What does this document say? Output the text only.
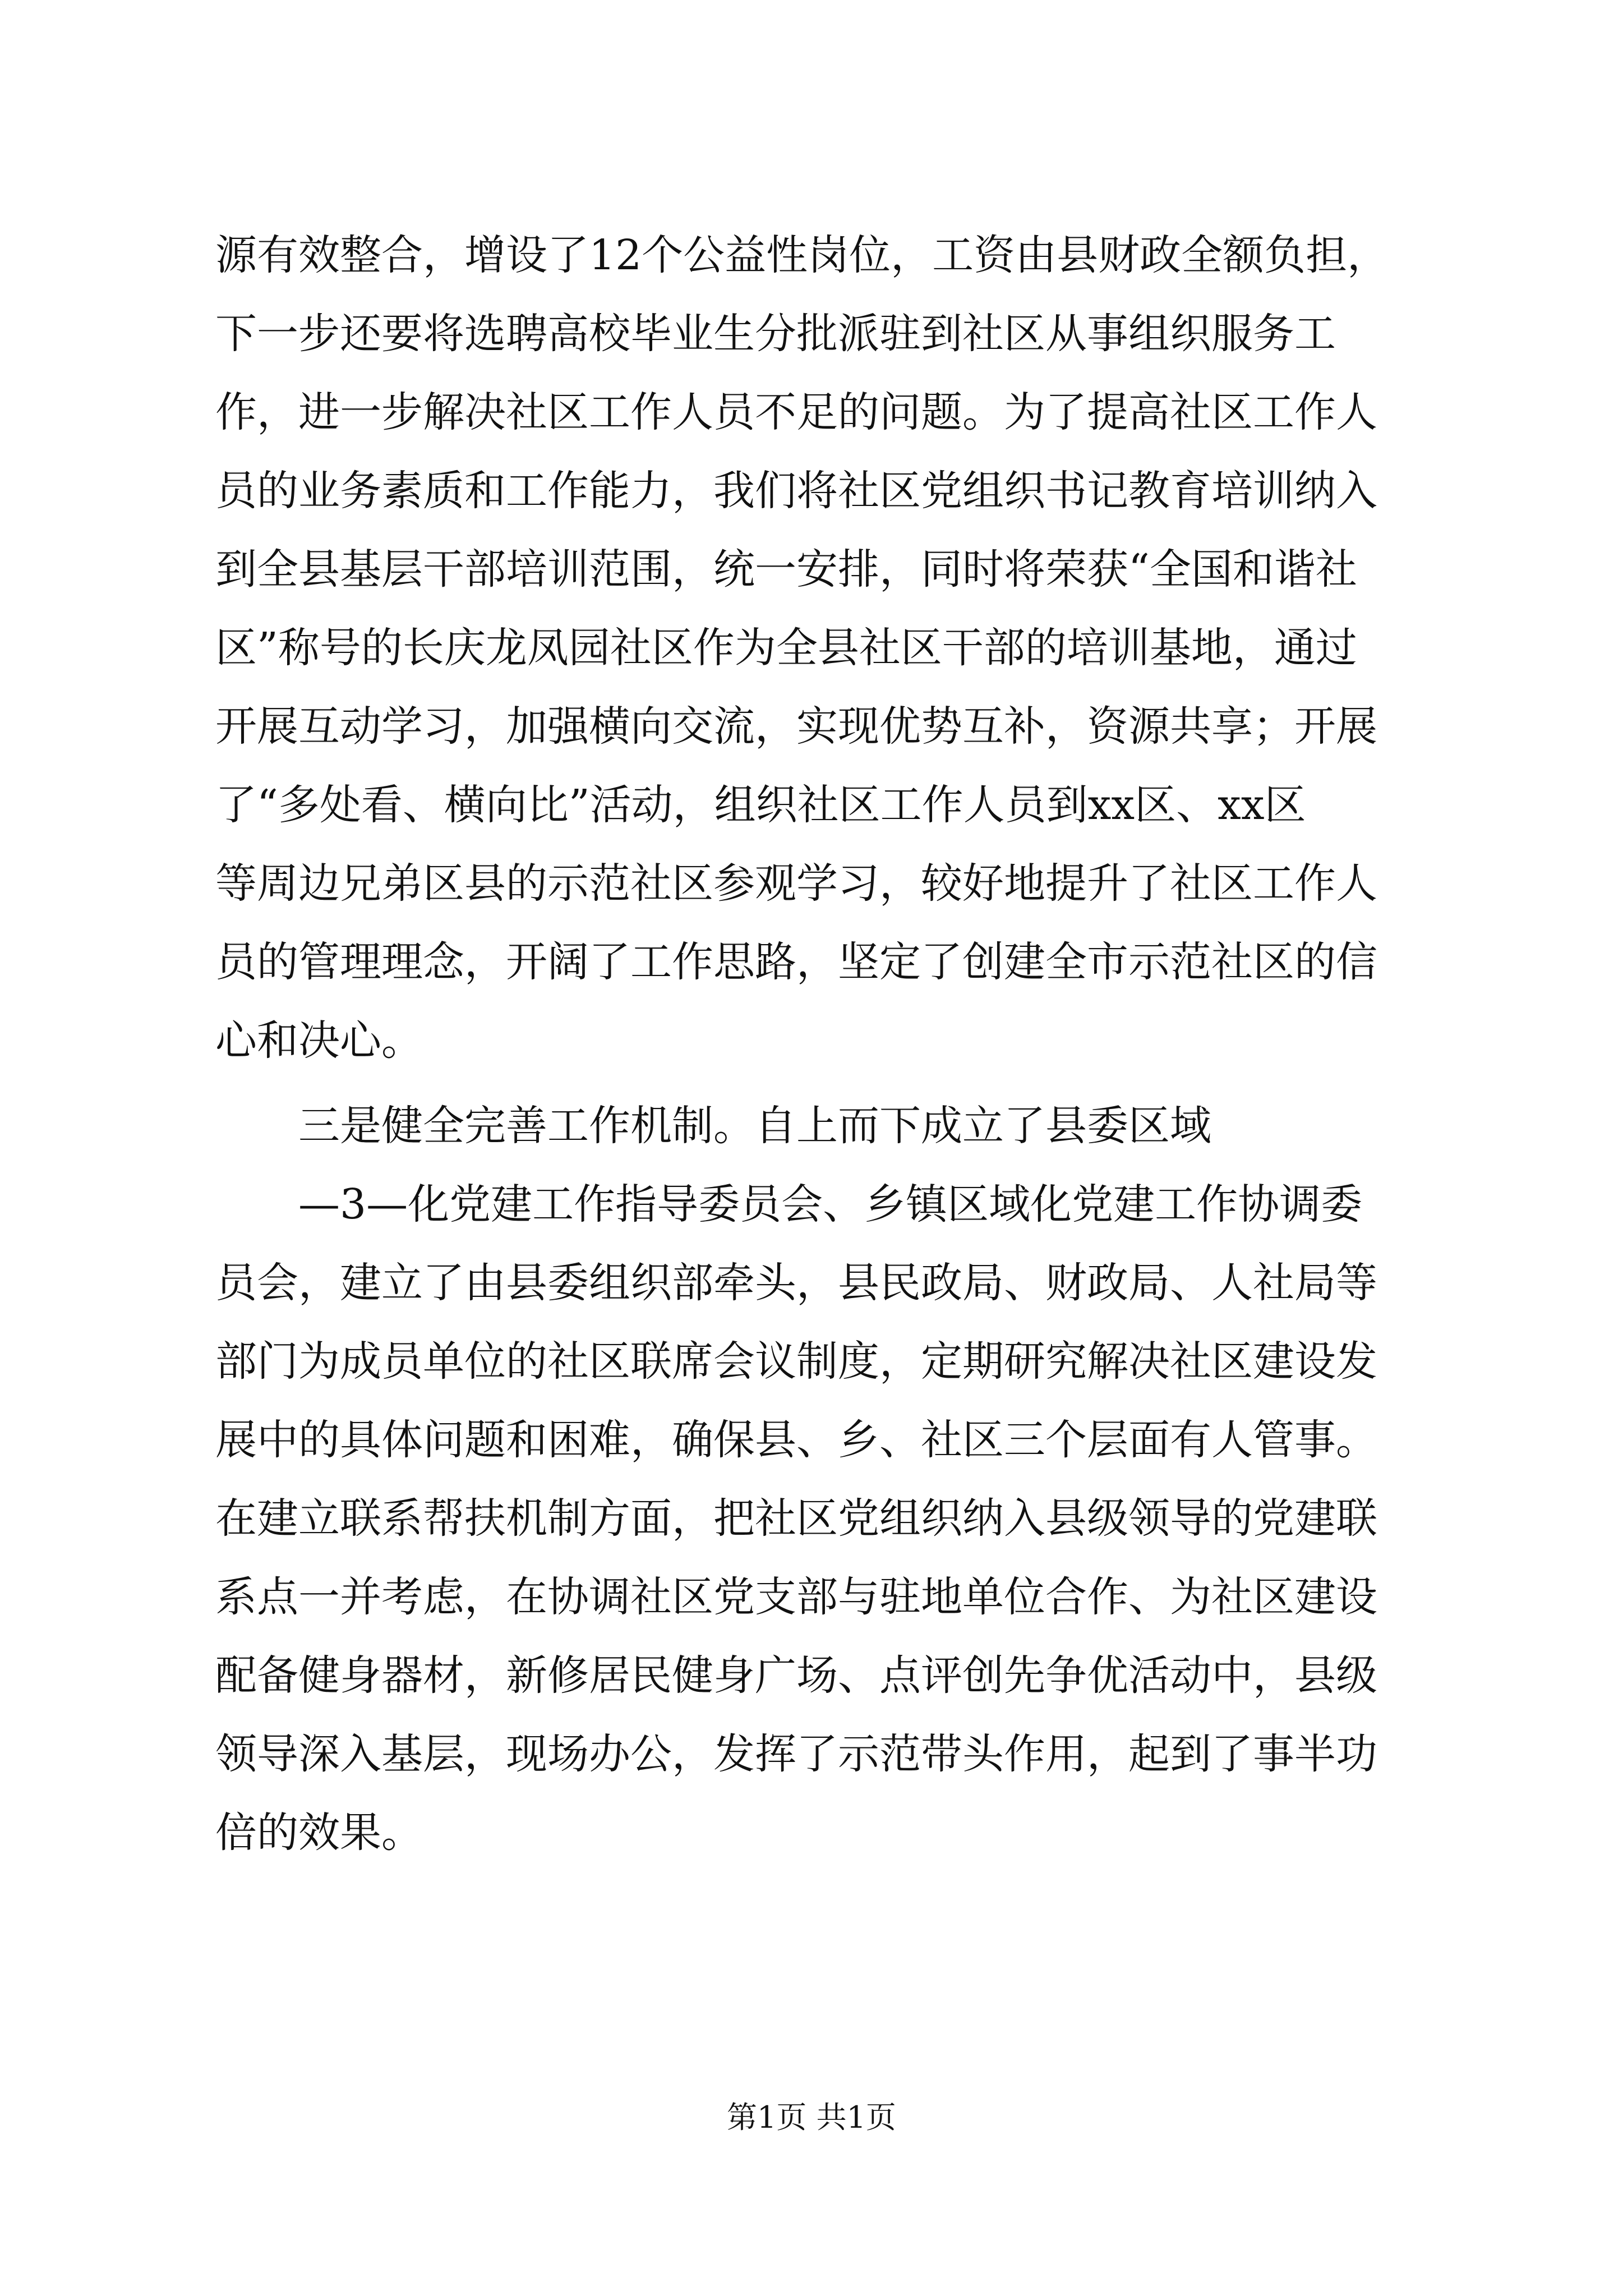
源有效整合，增设了12个公益性岗位，工资由县财政全额负担，
下一步还要将选聘高校毕业生分批派驻到社区从事组织服务工
作，进一步解决社区工作人员不足的问题。为了提高社区工作人
员的业务素质和工作能力，我们将社区党组织书记教育培训纳入
到全县基层干部培训范围，统一安排，同时将荣获“全国和谐社
区”称号的长庆龙凤园社区作为全县社区干部的培训基地，通过
开展互动学习，加强横向交流，实现优势互补，资源共享；开展
了“多处看、横向比”活动，组织社区工作人员到xx区、xx区
等周边兄弟区县的示范社区参观学习，较好地提升了社区工作人
员的管理理念，开阔了工作思路，坚定了创建全市示范社区的信
心和决心。
三是健全完善工作机制。自上而下成立了县委区域
—3—化党建工作指导委员会、乡镇区域化党建工作协调委
员会，建立了由县委组织部牵头，县民政局、财政局、人社局等
部门为成员单位的社区联席会议制度，定期研究解决社区建设发
展中的具体问题和困难，确保县、乡、社区三个层面有人管事。
在建立联系帮扶机制方面，把社区党组织纳入县级领导的党建联
系点一并考虑，在协调社区党支部与驻地单位合作、为社区建设
配备健身器材，新修居民健身广场、点评创先争优活动中，县级
领导深入基层，现场办公，发挥了示范带头作用，起到了事半功
倍的效果。
第1页 共1页
